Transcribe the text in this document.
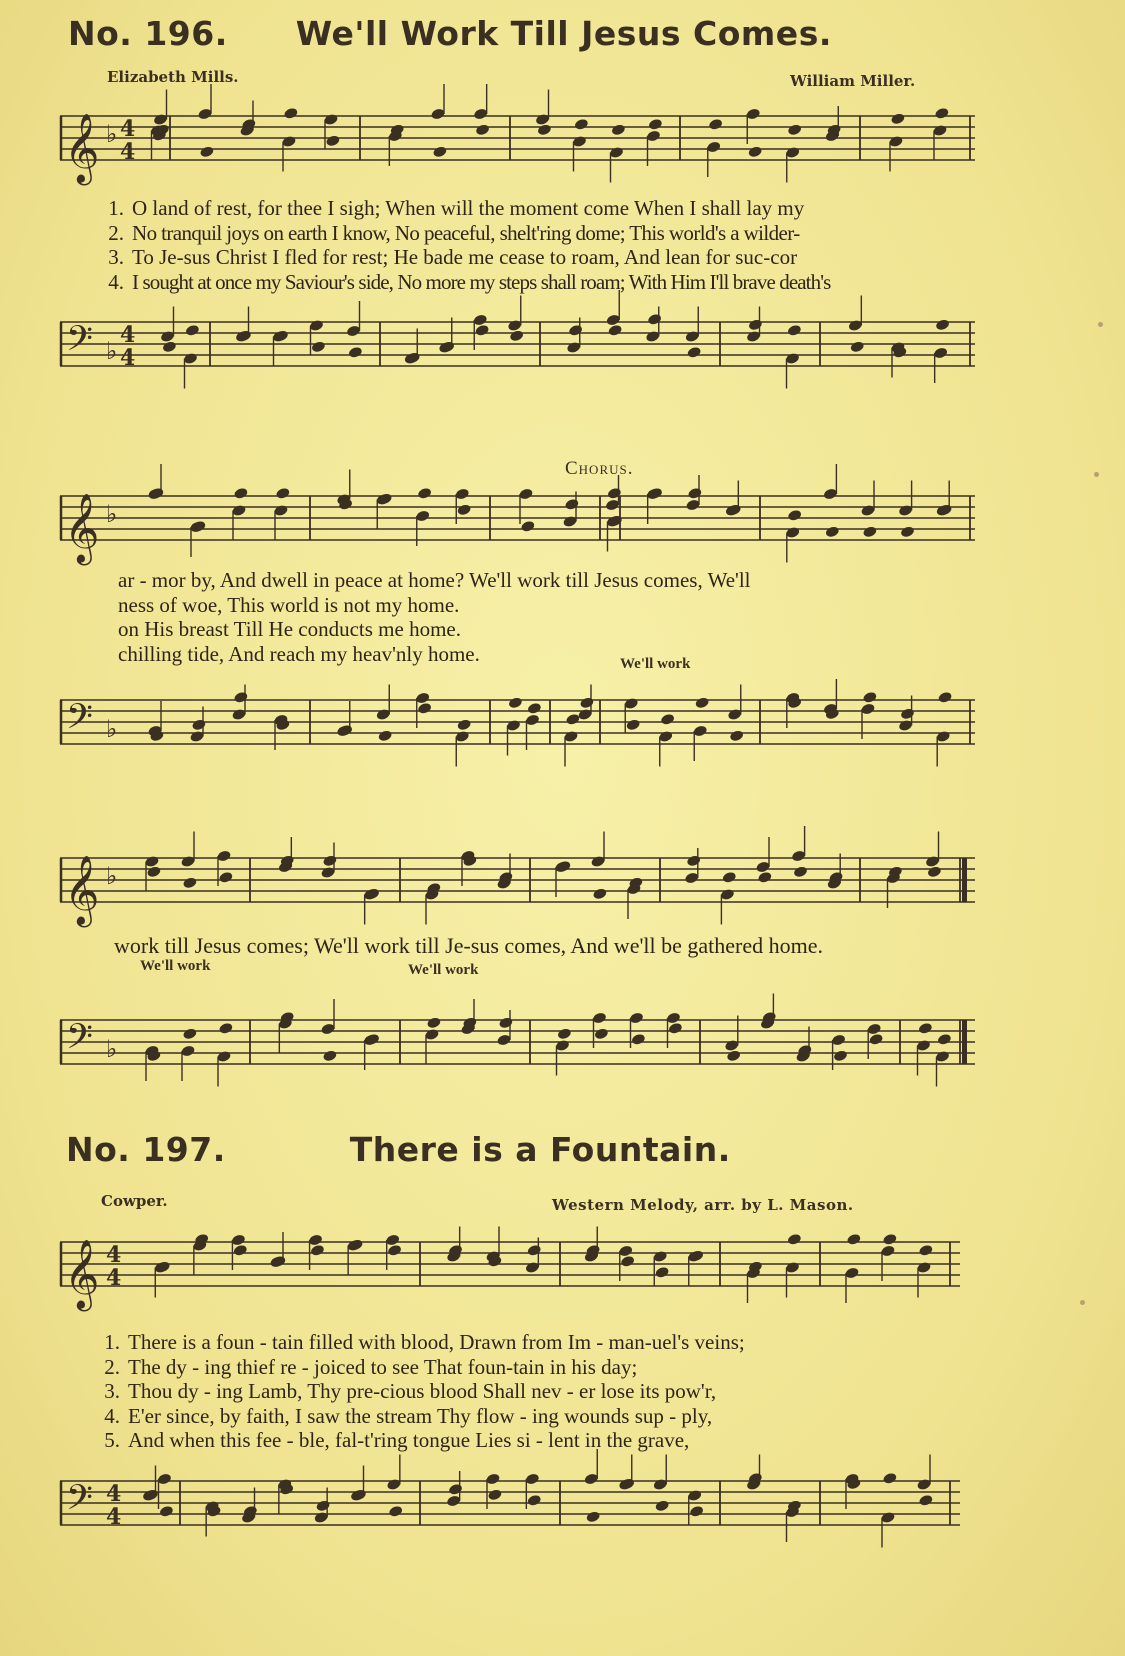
No. 196. We'll Work Till Jesus Comes.
Elizabeth Mills.	William Miller.
𝄞 ♭ 4
4
1. O land of rest, for thee I sigh; When will the moment come When I shall lay my
2. No tranquil joys on earth I know, No peaceful, shelt'ring dome; This world's a wilder-
3. To Je-sus Christ I fled for rest; He bade me cease to roam, And lean for suc-cor
4. I sought at once my Saviour's side, No more my steps shall roam; With Him I'll brave death's
𝄢 ♭
4
4
Chorus.
𝄞 ♭
ar - mor by, And dwell in peace at home? We'll work till Jesus comes, We'll
ness of woe, This world is not my home.
on His breast Till He conducts me home.
chilling tide, And reach my heav'nly home.	We'll work
𝄢 ♭
𝄞 ♭
work till Jesus comes; We'll work till Je-sus comes, And we'll be gathered home.
We'll work	We'll work
𝄢 ♭
No. 197.	There is a Fountain.
Cowper.	Western Melody, arr. by L. Mason.
𝄞 4
4
1. There is a foun - tain filled with blood, Drawn from Im - man-uel's veins;
2. The dy - ing thief re - joiced to see That foun-tain in his day;
3. Thou dy - ing Lamb, Thy pre-cious blood Shall nev - er lose its pow'r,
4. E'er since, by faith, I saw the stream Thy flow - ing wounds sup - ply,
5. And when this fee - ble, fal-t'ring tongue Lies si - lent in the grave,
𝄢 4
4
